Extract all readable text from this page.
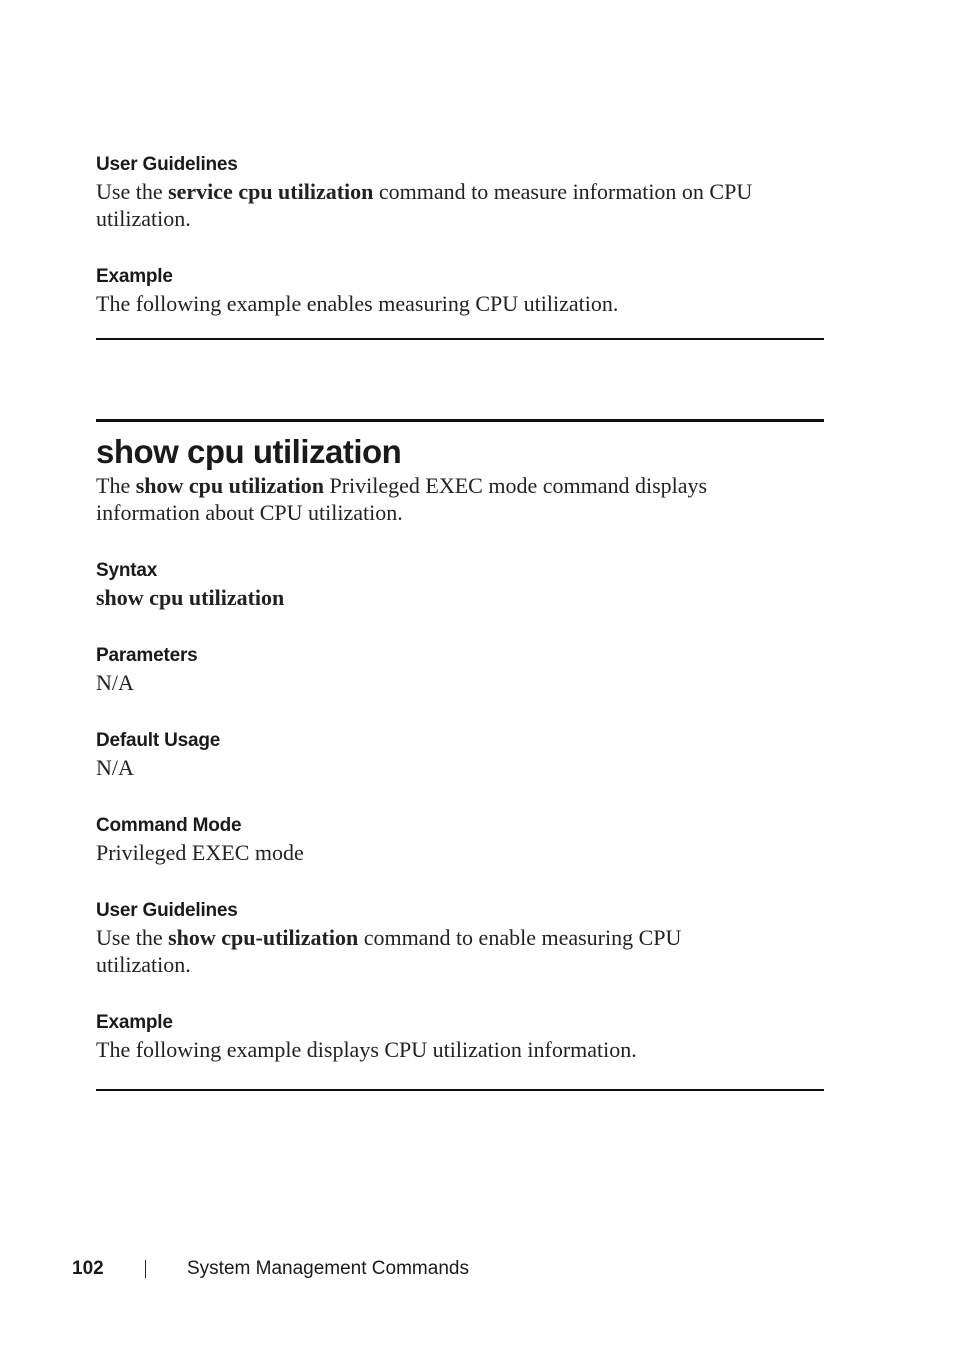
User Guidelines

Use the service cpu utilization command to measure information on CPU utilization.

Example

The following example enables measuring CPU utilization.

show cpu utilization

The show cpu utilization Privileged EXEC mode command displays information about CPU utilization.

Syntax

show cpu utilization

Parameters

N/A

Default Usage

N/A

Command Mode

Privileged EXEC mode

User Guidelines

Use the show cpu-utilization command to enable measuring CPU utilization.

Example

The following example displays CPU utilization information.

102	System Management Commands
